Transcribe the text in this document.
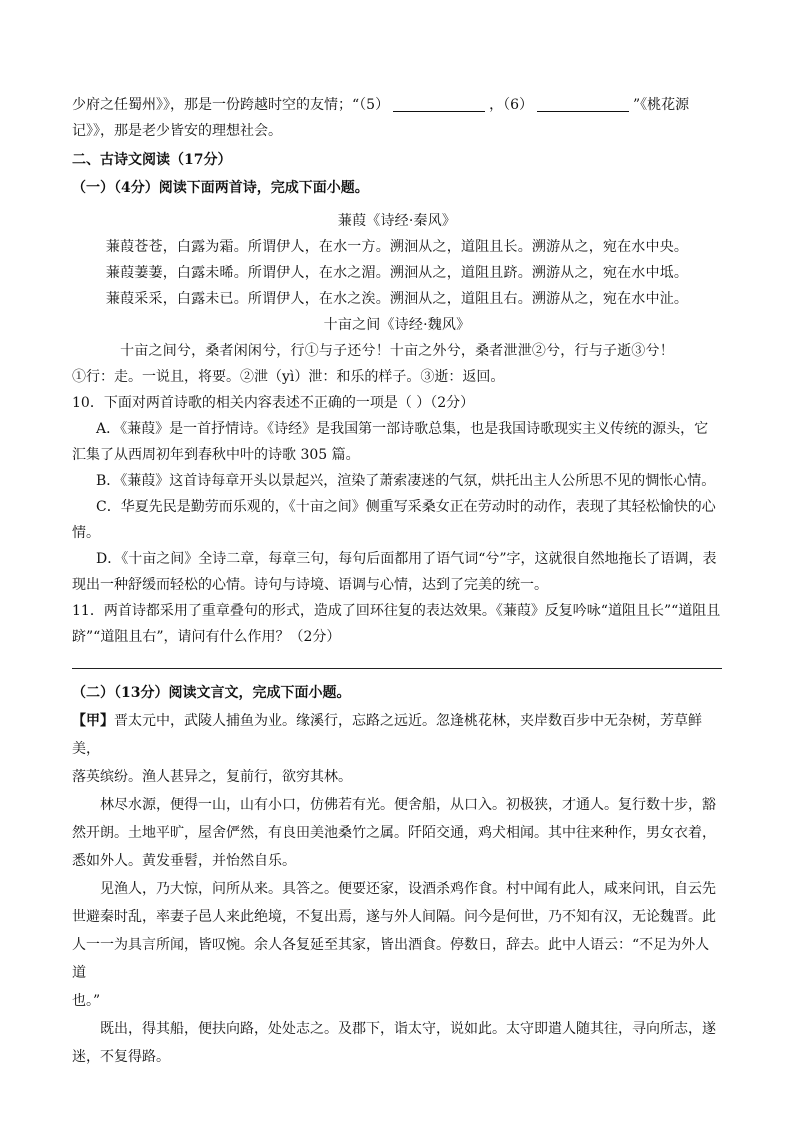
少府之任蜀州》》，那是一份跨越时空的友情；“（5）	，（6）	”《桃花源

记》》，那是老少皆安的理想社会。

二、古诗文阅读（17分）

（一）（4分）阅读下面两首诗，完成下面小题。

蒹葭《诗经·秦风》

蒹葭苍苍，白露为霜。所谓伊人，在水一方。溯洄从之，道阻且长。溯游从之，宛在水中央。

蒹葭萋萋，白露未晞。所谓伊人，在水之湄。溯洄从之，道阻且跻。溯游从之，宛在水中坻。

蒹葭采采，白露未已。所谓伊人，在水之涘。溯洄从之，道阻且右。溯游从之，宛在水中沚。

十亩之间《诗经·魏风》

十亩之间兮，桑者闲闲兮，行①与子还兮！十亩之外兮，桑者泄泄②兮，行与子逝③兮！

①行：走。一说且，将要。②泄（yì）泄：和乐的样子。③逝：返回。

10．下面对两首诗歌的相关内容表述不正确的一项是（ ）（2分）

A．《蒹葭》是一首抒情诗。《诗经》是我国第一部诗歌总集，也是我国诗歌现实主义传统的源头，它

汇集了从西周初年到春秋中叶的诗歌 305 篇。

B．《蒹葭》这首诗每章开头以景起兴，渲染了萧索凄迷的气氛，烘托出主人公所思不见的惆怅心情。

C．华夏先民是勤劳而乐观的，《十亩之间》侧重写采桑女正在劳动时的动作，表现了其轻松愉快的心

情。

D．《十亩之间》全诗二章，每章三句，每句后面都用了语气词“兮”字，这就很自然地拖长了语调，表

现出一种舒缓而轻松的心情。诗句与诗境、语调与心情，达到了完美的统一。

11．两首诗都采用了重章叠句的形式，造成了回环往复的表达效果。《蒹葭》反复吟咏“道阻且长”“道阻且

跻”“道阻且右”，请问有什么作用？（2分）

（二）（13分）阅读文言文，完成下面小题。

【甲】晋太元中，武陵人捕鱼为业。缘溪行，忘路之远近。忽逢桃花林，夹岸数百步中无杂树，芳草鲜美，

落英缤纷。渔人甚异之，复前行，欲穷其林。

林尽水源，便得一山，山有小口，仿佛若有光。便舍船，从口入。初极狭，才通人。复行数十步，豁

然开朗。土地平旷，屋舍俨然，有良田美池桑竹之属。阡陌交通，鸡犬相闻。其中往来种作，男女衣着，

悉如外人。黄发垂髫，并怡然自乐。

见渔人，乃大惊，问所从来。具答之。便要还家，设酒杀鸡作食。村中闻有此人，咸来问讯，自云先

世避秦时乱，率妻子邑人来此绝境，不复出焉，遂与外人间隔。问今是何世，乃不知有汉，无论魏晋。此

人一一为具言所闻，皆叹惋。余人各复延至其家，皆出酒食。停数日，辞去。此中人语云：“不足为外人道

也。”

既出，得其船，便扶向路，处处志之。及郡下，诣太守，说如此。太守即遣人随其往，寻向所志，遂

迷，不复得路。
